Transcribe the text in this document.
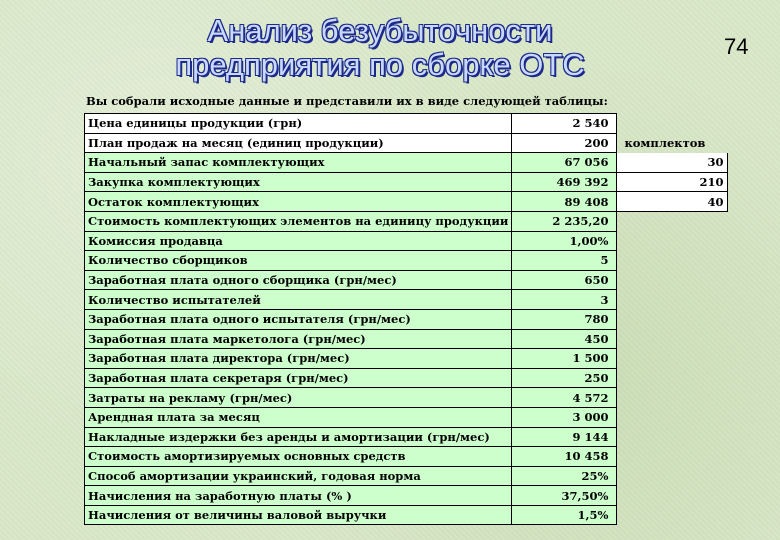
Анализ безубыточности
предприятия по сборке ОТС
74
Вы собрали исходные данные и представили их в виде следующей таблицы:
Цена единицы продукции (грн)	2 540	
План продаж на месяц (единиц продукции)	200	комплектов
Начальный запас комплектующих	67 056	30
Закупка комплектующих	469 392	210
Остаток комплектующих	89 408	40
Стоимость комплектующих элементов на единицу продукции	2 235,20	
Комиссия продавца	1,00%	
Количество сборщиков	5	
Заработная плата одного сборщика (грн/мес)	650	
Количество испытателей	3	
Заработная плата одного испытателя (грн/мес)	780	
Заработная плата маркетолога (грн/мес)	450	
Заработная плата директора (грн/мес)	1 500	
Заработная плата секретаря (грн/мес)	250	
Затраты на рекламу (грн/мес)	4 572	
Арендная плата за месяц	3 000	
Накладные издержки без аренды и амортизации (грн/мес)	9 144	
Стоимость амортизируемых основных средств	10 458	
Способ амортизации украинский, годовая норма	25%	
Начисления на заработную платы (% )	37,50%	
Начисления от величины валовой выручки	1,5%	
